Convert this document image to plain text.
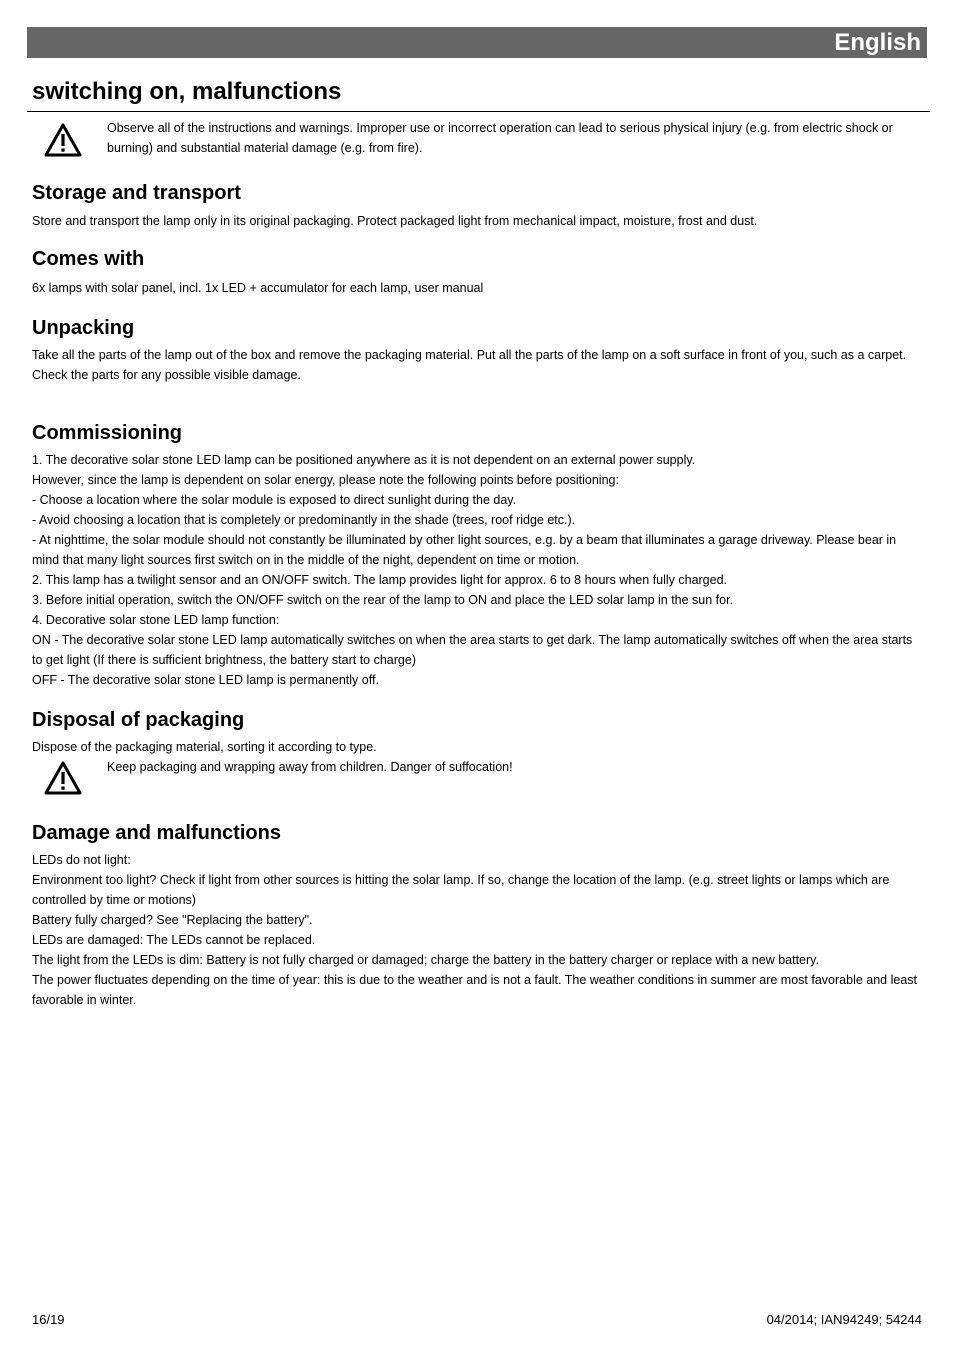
English
switching on, malfunctions

Observe all of the instructions and warnings. Improper use or incorrect operation can lead to serious physical injury (e.g. from electric shock or burning) and substantial material damage (e.g. from fire).

Storage and transport

Store and transport the lamp only in its original packaging. Protect packaged light from mechanical impact, moisture, frost and dust.

Comes with

6x lamps with solar panel, incl. 1x LED + accumulator for each lamp, user manual

Unpacking

Take all the parts of the lamp out of the box and remove the packaging material. Put all the parts of the lamp on a soft surface in front of you, such as a carpet. Check the parts for any possible visible damage.

Commissioning
1. The decorative solar stone LED lamp can be positioned anywhere as it is not dependent on an external power supply.
However, since the lamp is dependent on solar energy, please note the following points before positioning:
- Choose a location where the solar module is exposed to direct sunlight during the day.
- Avoid choosing a location that is completely or predominantly in the shade (trees, roof ridge etc.).
- At nighttime, the solar module should not constantly be illuminated by other light sources, e.g. by a beam that illuminates a garage driveway. Please bear in mind that many light sources first switch on in the middle of the night, dependent on time or motion.
2. This lamp has a twilight sensor and an ON/OFF switch. The lamp provides light for approx. 6 to 8 hours when fully charged.
3. Before initial operation, switch the ON/OFF switch on the rear of the lamp to ON and place the LED solar lamp in the sun for.
4. Decorative solar stone LED lamp function:
ON - The decorative solar stone LED lamp automatically switches on when the area starts to get dark. The lamp automatically switches off when the area starts to get light (If there is sufficient brightness, the battery start to charge)
OFF - The decorative solar stone LED lamp is permanently off.
Disposal of packaging

Dispose of the packaging material, sorting it according to type.

Keep packaging and wrapping away from children. Danger of suffocation!

Damage and malfunctions
LEDs do not light:
Environment too light? Check if light from other sources is hitting the solar lamp. If so, change the location of the lamp. (e.g. street lights or lamps which are controlled by time or motions)
Battery fully charged? See "Replacing the battery".
LEDs are damaged: The LEDs cannot be replaced.
The light from the LEDs is dim: Battery is not fully charged or damaged; charge the battery in the battery charger or replace with a new battery.
The power fluctuates depending on the time of year: this is due to the weather and is not a fault. The weather conditions in summer are most favorable and least favorable in winter.

16/19	04/2014; IAN94249; 54244
